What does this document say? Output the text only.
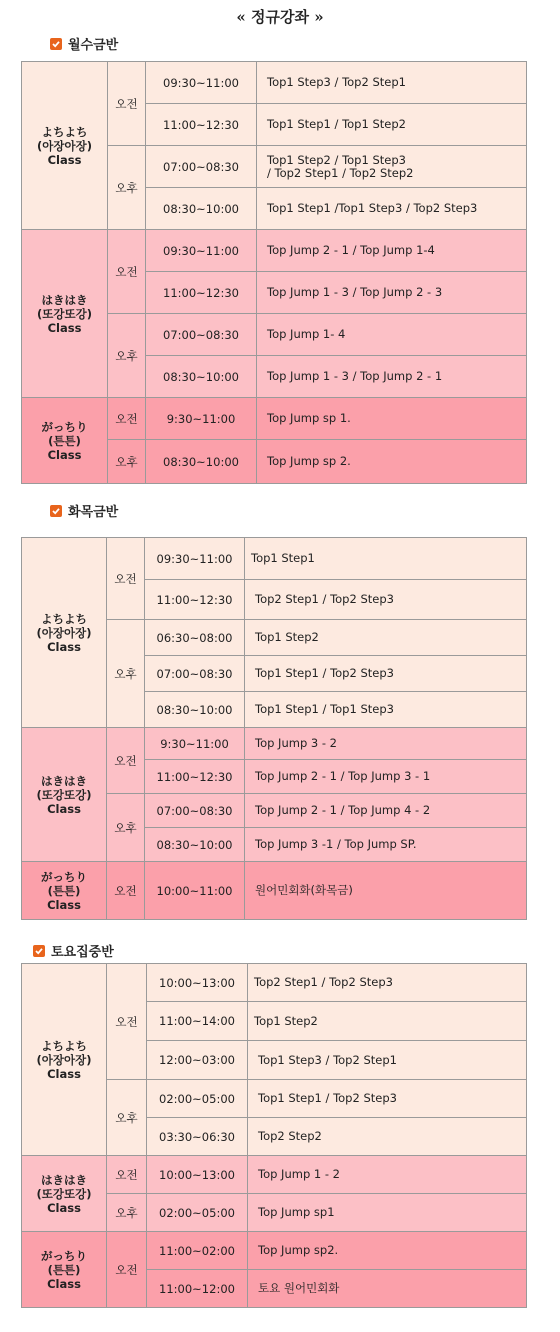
« 정규강좌 »
월수금반
よちよち
(아장아장)
Class	오전	09:30~11:00	Top1 Step3 / Top2 Step1
		11:00~12:30	Top1 Step1 / Top1 Step2
	오후	07:00~08:30	Top1 Step2 / Top1 Step3
/ Top2 Step1 / Top2 Step2
		08:30~10:00	Top1 Step1 /Top1 Step3 / Top2 Step3

はきはき
(또강또강)
Class	오전	09:30~11:00	Top Jump 2 - 1 / Top Jump 1-4
		11:00~12:30	Top Jump 1 - 3 / Top Jump 2 - 3
	오후	07:00~08:30	Top Jump 1- 4
		08:30~10:00	Top Jump 1 - 3 / Top Jump 2 - 1

がっちり
(튼튼)
Class	오전	9:30~11:00	Top Jump sp 1.
	오후	08:30~10:00	Top Jump sp 2.
화목금반
よちよち
(아장아장)
Class	오전	09:30~11:00	Top1 Step1
		11:00~12:30	Top2 Step1 / Top2 Step3
	오후	06:30~08:00	Top1 Step2
		07:00~08:30	Top1 Step1 / Top2 Step3
		08:30~10:00	Top1 Step1 / Top1 Step3

はきはき
(또강또강)
Class	오전	9:30~11:00	Top Jump 3 - 2
		11:00~12:30	Top Jump 2 - 1 / Top Jump 3 - 1
	오후	07:00~08:30	Top Jump 2 - 1 / Top Jump 4 - 2
		08:30~10:00	Top Jump 3 -1 / Top Jump SP.

がっちり
(튼튼)
Class	오전	10:00~11:00	원어민회화(화목금)
토요집중반
よちよち
(아장아장)
Class	오전	10:00~13:00	Top2 Step1 / Top2 Step3
		11:00~14:00	Top1 Step2
		12:00~03:00	Top1 Step3 / Top2 Step1
	오후	02:00~05:00	Top1 Step1 / Top2 Step3
		03:30~06:30	Top2 Step2

はきはき
(또강또강)
Class	오전	10:00~13:00	Top Jump 1 - 2
	오후	02:00~05:00	Top Jump sp1

がっちり
(튼튼)
Class	오전	11:00~02:00	Top Jump sp2.
		11:00~12:00	토요 원어민회화
